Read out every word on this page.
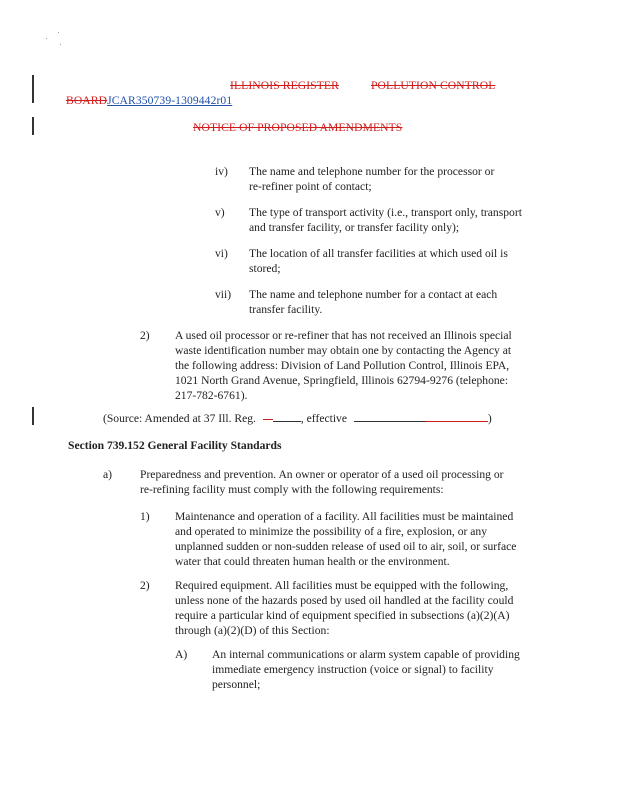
ILLINOIS REGISTER	POLLUTION CONTROL
BOARDJCAR350739-1309442r01
NOTICE OF PROPOSED AMENDMENTS
iv) The name and telephone number for the processor or
re-refiner point of contact;
v) The type of transport activity (i.e., transport only, transport
and transfer facility, or transfer facility only);
vi) The location of all transfer facilities at which used oil is
stored;
vii) The name and telephone number for a contact at each
transfer facility.
2) A used oil processor or re-refiner that has not received an Illinois special
waste identification number may obtain one by contacting the Agency at
the following address: Division of Land Pollution Control, Illinois EPA,
1021 North Grand Avenue, Springfield, Illinois 62794-9276 (telephone:
217-782-6761).
(Source: Amended at 37 Ill. Reg.	, effective	)
Section 739.152 General Facility Standards
a) Preparedness and prevention. An owner or operator of a used oil processing or
re-refining facility must comply with the following requirements:
1) Maintenance and operation of a facility. All facilities must be maintained
and operated to minimize the possibility of a fire, explosion, or any
unplanned sudden or non-sudden release of used oil to air, soil, or surface
water that could threaten human health or the environment.
2) Required equipment. All facilities must be equipped with the following,
unless none of the hazards posed by used oil handled at the facility could
require a particular kind of equipment specified in subsections (a)(2)(A)
through (a)(2)(D) of this Section:
A) An internal communications or alarm system capable of providing
immediate emergency instruction (voice or signal) to facility
personnel;
